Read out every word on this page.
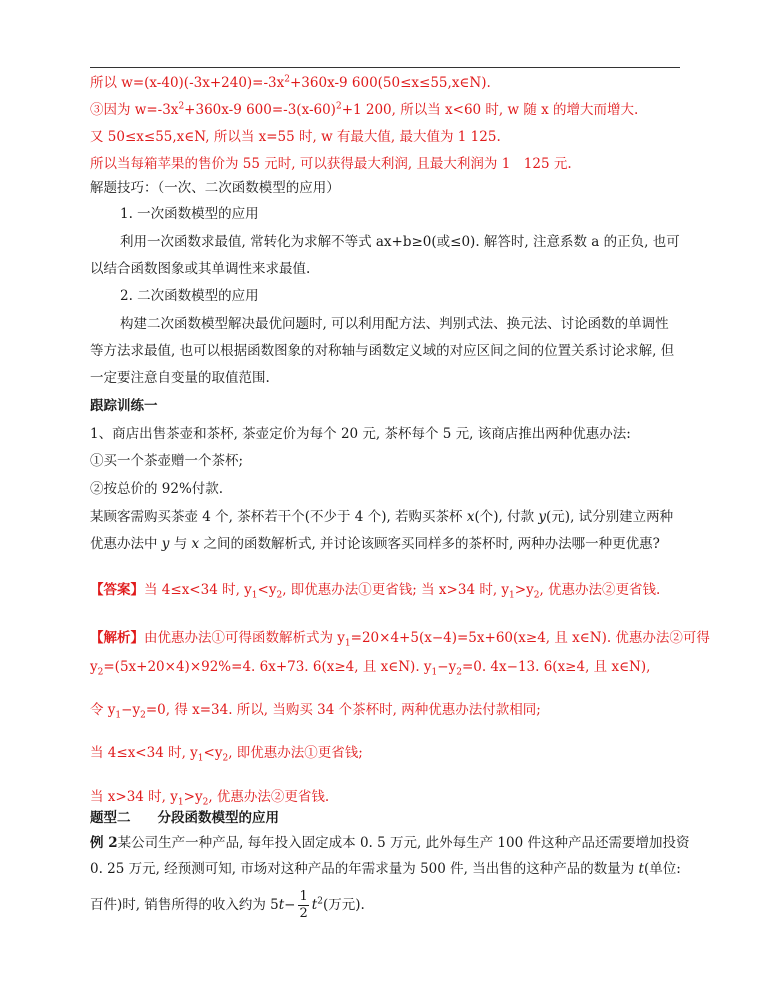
所以 $w=(x-40)(-3x+240)=-3x^2+360x-9$ 600(50≤x≤55,x∈N).
③因为 $w=-3x^2+360x-9$ $600=-3(x-60)^2+1$ 200, 所以当 x<60 时, w 随 x 的增大而增大.
又 50≤x≤55,x∈N, 所以当 x=55 时, w 有最大值, 最大值为 1 125.
所以当每箱苹果的售价为 55 元时, 可以获得最大利润, 且最大利润为 1　125 元.
解题技巧：（一次、二次函数模型的应用）
1. 一次函数模型的应用
利用一次函数求最值, 常转化为求解不等式 ax+b≥0(或≤0). 解答时, 注意系数 a 的正负, 也可
以结合函数图象或其单调性来求最值.
2. 二次函数模型的应用
构建二次函数模型解决最优问题时, 可以利用配方法、判别式法、换元法、讨论函数的单调性
等方法求最值, 也可以根据函数图象的对称轴与函数定义域的对应区间之间的位置关系讨论求解, 但
一定要注意自变量的取值范围.
跟踪训练一
1、商店出售茶壶和茶杯, 茶壶定价为每个 20 元, 茶杯每个 5 元, 该商店推出两种优惠办法:
①买一个茶壶赠一个茶杯;
②按总价的 92%付款.
某顾客需购买茶壶 4 个, 茶杯若干个(不少于 4 个), 若购买茶杯 x(个), 付款 y(元), 试分别建立两种
优惠办法中 y 与 x 之间的函数解析式, 并讨论该顾客买同样多的茶杯时, 两种办法哪一种更优惠?
【答案】当 4≤x<34 时, $y_1<y_2$, 即优惠办法①更省钱; 当 x>34 时, $y_1>y_2$, 优惠办法②更省钱.
【解析】由优惠办法①可得函数解析式为 $y_1=20\times 4+5(x-4)=5x+60(x\ge 4$, 且 x∈N). 优惠办法②可得
$y_2=(5x+20\times 4)\times 92\%=4$. 6x+73. 6(x≥4, 且 x∈N). $y_1-y_2=0$. 4x−13. 6(x≥4, 且 x∈N),
令 $y_1-y_2=0$, 得 x=34. 所以, 当购买 34 个茶杯时, 两种优惠办法付款相同;
当 4≤x<34 时, $y_1<y_2$, 即优惠办法①更省钱;
当 x>34 时, $y_1>y_2$, 优惠办法②更省钱.
题型二　　分段函数模型的应用
例 2某公司生产一种产品, 每年投入固定成本 0. 5 万元, 此外每生产 100 件这种产品还需要增加投资
0. 25 万元, 经预测可知, 市场对这种产品的年需求量为 500 件, 当出售的这种产品的数量为 t(单位:
百件)时, 销售所得的收入约为 $5t- \frac{1}{2} t^2$(万元).
